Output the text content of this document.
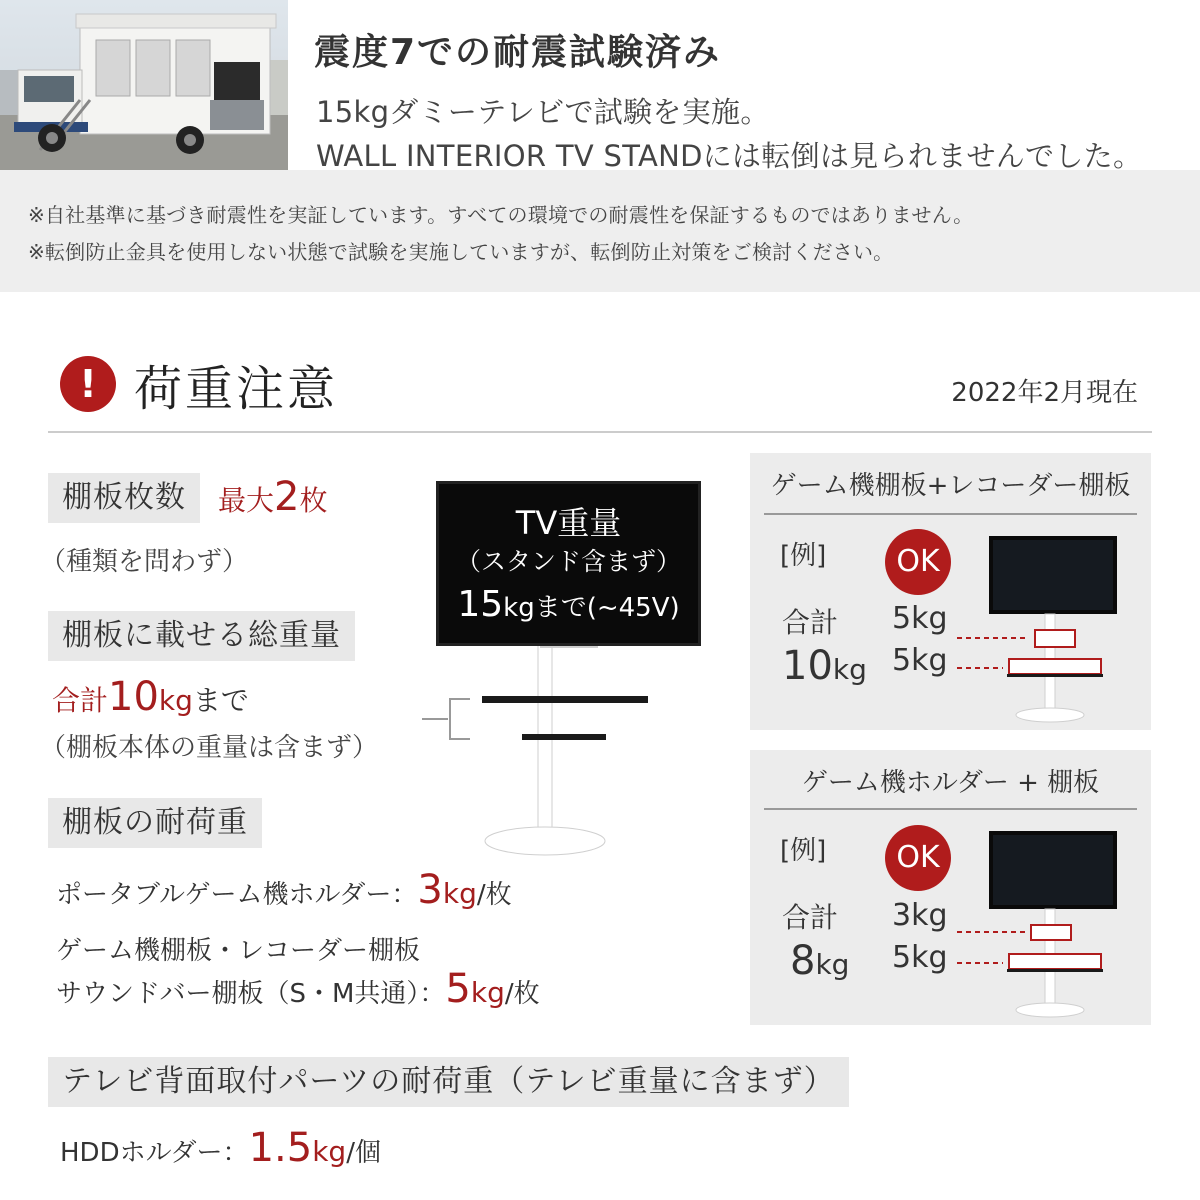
震度7での耐震試験済み
15kgダミーテレビで試験を実施。
WALL INTERIOR TV STANDには転倒は見られませんでした。
※自社基準に基づき耐震性を実証しています。すべての環境での耐震性を保証するものではありません。
※転倒防止金具を使用しない状態で試験を実施していますが、転倒防止対策をご検討ください。
! 荷重注意	2022年2月現在
棚板枚数	最大2枚
（種類を問わず）
棚板に載せる総重量
合計10kgまで
（棚板本体の重量は含まず）
棚板の耐荷重
ポータブルゲーム機ホルダー：3kg/枚
ゲーム機棚板・レコーダー棚板
サウンドバー棚板（S・M共通）：5kg/枚
TV重量
（スタンド含まず）
15kgまで(~45V)
ゲーム機棚板+レコーダー棚板
[例]	OK
合計
10kg
5kg
5kg
ゲーム機ホルダー + 棚板
[例]	OK
合計
8kg
3kg
5kg
テレビ背面取付パーツの耐荷重（テレビ重量に含まず）
HDDホルダー：1.5kg/個
